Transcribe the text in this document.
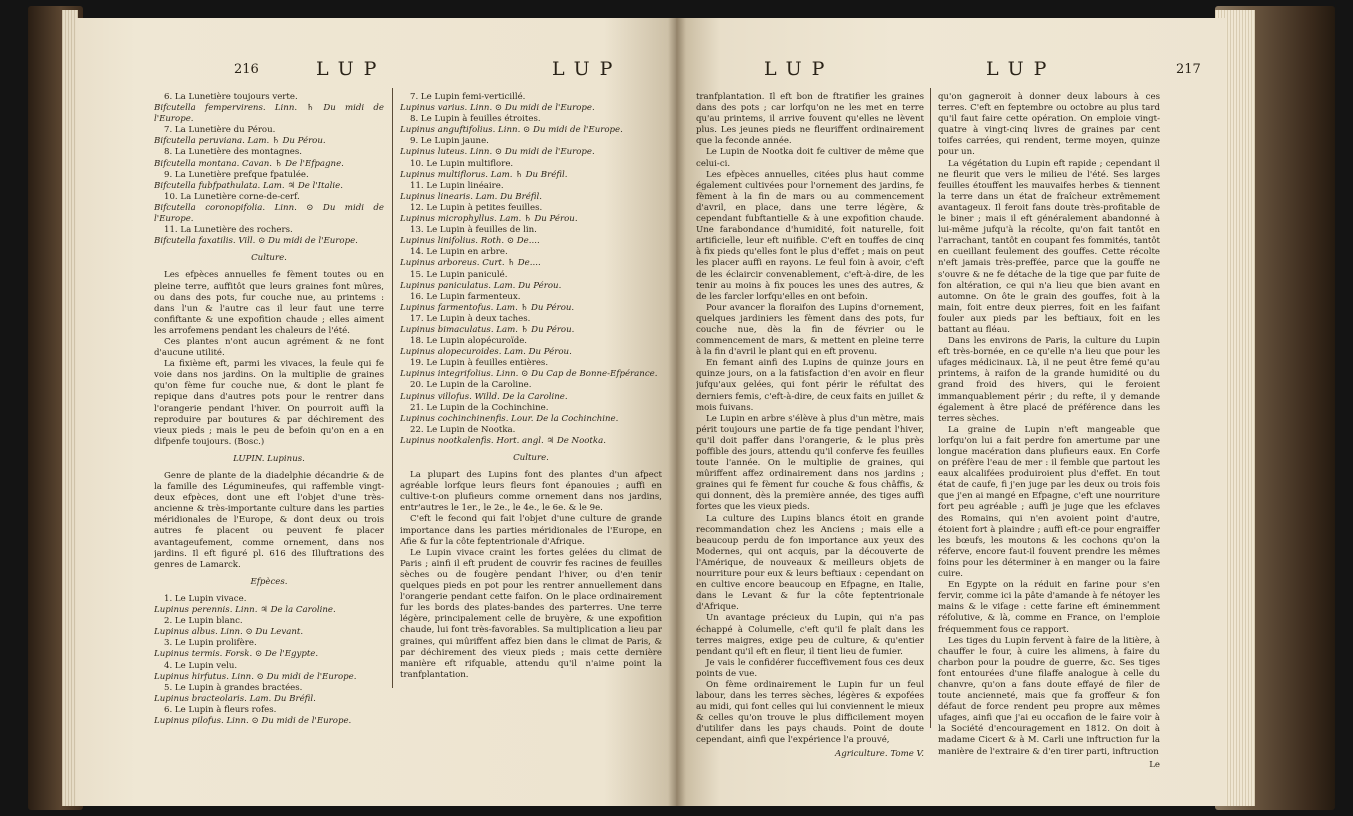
216	LUP	LUP

6. La Lunetière toujours verte.

Bifcutella fempervirens. Linn. ♄ Du midi de l'Europe.

7. La Lunetière du Pérou.

Bifcutella peruviana. Lam. ♄ Du Pérou.

8. La Lunetière des montagnes.

Bifcutella montana. Cavan. ♄ De l'Efpagne.

9. La Lunetière prefque fpatulée.

Bifcutella fubfpathulata. Lam. ♃ De l'Italie.

10. La Lunetière corne-de-cerf.

Bifcutella coronopifolia. Linn. ⊙ Du midi de l'Europe.

11. La Lunetière des rochers.

Bifcutella faxatilis. Vill. ⊙ Du midi de l'Europe.

Culture.

Les efpèces annuelles fe fèment toutes ou en pleine terre, auffitôt que leurs graines font mûres, ou dans des pots, fur couche nue, au printems : dans l'un & l'autre cas il leur faut une terre confiftante & une expofition chaude ; elles aiment les arrofemens pendant les chaleurs de l'été.

Ces plantes n'ont aucun agrément & ne font d'aucune utilité.

La fixième eft, parmi les vivaces, la feule qui fe voie dans nos jardins. On la multiplie de graines qu'on fème fur couche nue, & dont le plant fe repique dans d'autres pots pour le rentrer dans l'orangerie pendant l'hiver. On pourroit auffi la reproduire par boutures & par déchirement des vieux pieds ; mais le peu de befoin qu'on en a en difpenfe toujours. (Bosc.)

LUPIN. Lupinus.

Genre de plante de la diadelphie décandrie & de la famille des Légumineufes, qui raffemble vingt-deux efpèces, dont une eft l'objet d'une très-ancienne & très-importante culture dans les parties méridionales de l'Europe, & dont deux ou trois autres fe placent ou peuvent fe placer avantageufement, comme ornement, dans nos jardins. Il eft figuré pl. 616 des Illuftrations des genres de Lamarck.

Efpèces.

1. Le Lupin vivace.

Lupinus perennis. Linn. ♃ De la Caroline.

2. Le Lupin blanc.

Lupinus albus. Linn. ⊙ Du Levant.

3. Le Lupin prolifère.

Lupinus termis. Forsk. ⊙ De l'Egypte.

4. Le Lupin velu.

Lupinus hirfutus. Linn. ⊙ Du midi de l'Europe.

5. Le Lupin à grandes bractées.

Lupinus bracteolaris. Lam. Du Bréfil.

6. Le Lupin à fleurs rofes.

Lupinus pilofus. Linn. ⊙ Du midi de l'Europe.

7. Le Lupin femi-verticillé.

Lupinus varius. Linn. ⊙ Du midi de l'Europe.

8. Le Lupin à feuilles étroites.

Lupinus anguftifolius. Linn. ⊙ Du midi de l'Europe.

9. Le Lupin jaune.

Lupinus luteus. Linn. ⊙ Du midi de l'Europe.

10. Le Lupin multiflore.

Lupinus multiflorus. Lam. ♄ Du Bréfil.

11. Le Lupin linéaire.

Lupinus linearis. Lam. Du Bréfil.

12. Le Lupin à petites feuilles.

Lupinus microphyllus. Lam. ♄ Du Pérou.

13. Le Lupin à feuilles de lin.

Lupinus linifolius. Roth. ⊙ De....

14. Le Lupin en arbre.

Lupinus arboreus. Curt. ♄ De....

15. Le Lupin paniculé.

Lupinus paniculatus. Lam. Du Pérou.

16. Le Lupin farmenteux.

Lupinus farmentofus. Lam. ♄ Du Pérou.

17. Le Lupin à deux taches.

Lupinus bimaculatus. Lam. ♄ Du Pérou.

18. Le Lupin alopécuroïde.

Lupinus alopecuroides. Lam. Du Pérou.

19. Le Lupin à feuilles entières.

Lupinus integrifolius. Linn. ⊙ Du Cap de Bonne-Efpérance.

20. Le Lupin de la Caroline.

Lupinus villofus. Willd. De la Caroline.

21. Le Lupin de la Cochinchine.

Lupinus cochinchinenfis. Lour. De la Cochinchine.

22. Le Lupin de Nootka.

Lupinus nootkalenfis. Hort. angl. ♃ De Nootka.

Culture.

La plupart des Lupins font des plantes d'un afpect agréable lorfque leurs fleurs font épanouies ; auffi en cultive-t-on plufieurs comme ornement dans nos jardins, entr'autres le 1er., le 2e., le 4e., le 6e. & le 9e.

C'eft le fecond qui fait l'objet d'une culture de grande importance dans les parties méridionales de l'Europe, en Afie & fur la côte feptentrionale d'Afrique.

Le Lupin vivace craint les fortes gelées du climat de Paris ; ainfi il eft prudent de couvrir fes racines de feuilles sèches ou de fougère pendant l'hiver, ou d'en tenir quelques pieds en pot pour les rentrer annuellement dans l'orangerie pendant cette faifon. On le place ordinairement fur les bords des plates-bandes des parterres. Une terre légère, principalement celle de bruyère, & une expofition chaude, lui font très-favorables. Sa multiplication a lieu par graines, qui mûriffent affez bien dans le climat de Paris, & par déchirement des vieux pieds ; mais cette dernière manière eft rifquable, attendu qu'il n'aime point la tranfplantation.

LUP	LUP	217

tranfplantation. Il eft bon de ftratifier les graines dans des pots ; car lorfqu'on ne les met en terre qu'au printems, il arrive fouvent qu'elles ne lèvent plus. Les jeunes pieds ne fleuriffent ordinairement que la feconde année.

Le Lupin de Nootka doit fe cultiver de même que celui-ci.

Les efpèces annuelles, citées plus haut comme également cultivées pour l'ornement des jardins, fe fèment à la fin de mars ou au commencement d'avril, en place, dans une terre légère, & cependant fubftantielle & à une expofition chaude. Une farabondance d'humidité, foit naturelle, foit artificielle, leur eft nuifible. C'eft en touffes de cinq à fix pieds qu'elles font le plus d'effet ; mais on peut les placer auffi en rayons. Le feul foin à avoir, c'eft de les éclaircir convenablement, c'eft-à-dire, de les tenir au moins à fix pouces les unes des autres, & de les farcler lorfqu'elles en ont befoin.

Pour avancer la floraifon des Lupins d'ornement, quelques jardiniers les fèment dans des pots, fur couche nue, dès la fin de février ou le commencement de mars, & mettent en pleine terre à la fin d'avril le plant qui en eft provenu.

En femant ainfi des Lupins de quinze jours en quinze jours, on a la fatisfaction d'en avoir en fleur jufqu'aux gelées, qui font périr le réfultat des derniers femis, c'eft-à-dire, de ceux faits en juillet & mois fuivans.

Le Lupin en arbre s'élève à plus d'un mètre, mais périt toujours une partie de fa tige pendant l'hiver, qu'il doit paffer dans l'orangerie, & le plus près poffible des jours, attendu qu'il conferve fes feuilles toute l'année. On le multiplie de graines, qui mûriffent affez ordinairement dans nos jardins ; graines qui fe fèment fur couche & fous châffis, & qui donnent, dès la première année, des tiges auffi fortes que les vieux pieds.

La culture des Lupins blancs étoit en grande recommandation chez les Anciens ; mais elle a beaucoup perdu de fon importance aux yeux des Modernes, qui ont acquis, par la découverte de l'Amérique, de nouveaux & meilleurs objets de nourriture pour eux & leurs beftiaux : cependant on en cultive encore beaucoup en Efpagne, en Italie, dans le Levant & fur la côte feptentrionale d'Afrique.

Un avantage précieux du Lupin, qui n'a pas échappé à Columelle, c'eft qu'il fe plaît dans les terres maigres, exige peu de culture, & qu'entier pendant qu'il eft en fleur, il tient lieu de fumier.

Je vais le confidérer fucceffivement fous ces deux points de vue.

On fème ordinairement le Lupin fur un feul labour, dans les terres sèches, légères & expofées au midi, qui font celles qui lui conviennent le mieux & celles qu'on trouve le plus difficilement moyen d'utilifer dans les pays chauds. Point de doute cependant, ainfi que l'expérience l'a prouvé,

Agriculture. Tome V.

qu'on gagneroit à donner deux labours à ces terres. C'eft en feptembre ou octobre au plus tard qu'il faut faire cette opération. On emploie vingt-quatre à vingt-cinq livres de graines par cent toifes carrées, qui rendent, terme moyen, quinze pour un.

La végétation du Lupin eft rapide ; cependant il ne fleurit que vers le milieu de l'été. Ses larges feuilles étouffent les mauvaifes herbes & tiennent la terre dans un état de fraîcheur extrêmement avantageux. Il feroit fans doute très-profitable de le biner ; mais il eft généralement abandonné à lui-même jufqu'à la récolte, qu'on fait tantôt en l'arrachant, tantôt en coupant fes fommités, tantôt en cueillant feulement des gouffes. Cette récolte n'eft jamais très-preffée, parce que la gouffe ne s'ouvre & ne fe détache de la tige que par fuite de fon altération, ce qui n'a lieu que bien avant en automne. On ôte le grain des gouffes, foit à la main, foit entre deux pierres, foit en les faifant fouler aux pieds par les beftiaux, foit en les battant au fléau.

Dans les environs de Paris, la culture du Lupin eft très-bornée, en ce qu'elle n'a lieu que pour les ufages médicinaux. Là, il ne peut être femé qu'au printems, à raifon de la grande humidité ou du grand froid des hivers, qui le feroient immanquablement périr ; du refte, il y demande également à être placé de préférence dans les terres sèches.

La graine de Lupin n'eft mangeable que lorfqu'on lui a fait perdre fon amertume par une longue macération dans plufieurs eaux. En Corfe on préfère l'eau de mer : il femble que partout les eaux alcalifées produiroient plus d'effet. En tout état de caufe, fi j'en juge par les deux ou trois fois que j'en ai mangé en Efpagne, c'eft une nourriture fort peu agréable ; auffi je juge que les efclaves des Romains, qui n'en avoient point d'autre, étoient fort à plaindre ; auffi eft-ce pour engraiffer les bœufs, les moutons & les cochons qu'on la réferve, encore faut-il fouvent prendre les mêmes foins pour les déterminer à en manger ou la faire cuire.

En Egypte on la réduit en farine pour s'en fervir, comme ici la pâte d'amande à fe nétoyer les mains & le vifage : cette farine eft éminemment réfolutive, & là, comme en France, on l'emploie fréquemment fous ce rapport.

Les tiges du Lupin fervent à faire de la litière, à chauffer le four, à cuire les alimens, à faire du charbon pour la poudre de guerre, &c. Ses tiges font entourées d'une filaffe analogue à celle du chanvre, qu'on a fans doute effayé de filer de toute ancienneté, mais que fa groffeur & fon défaut de force rendent peu propre aux mêmes ufages, ainfi que j'ai eu occafion de le faire voir à la Société d'encouragement en 1812. On doit à madame Cicert & à M. Carli une inftruction fur la manière de l'extraire & d'en tirer parti, inftruction

Le
